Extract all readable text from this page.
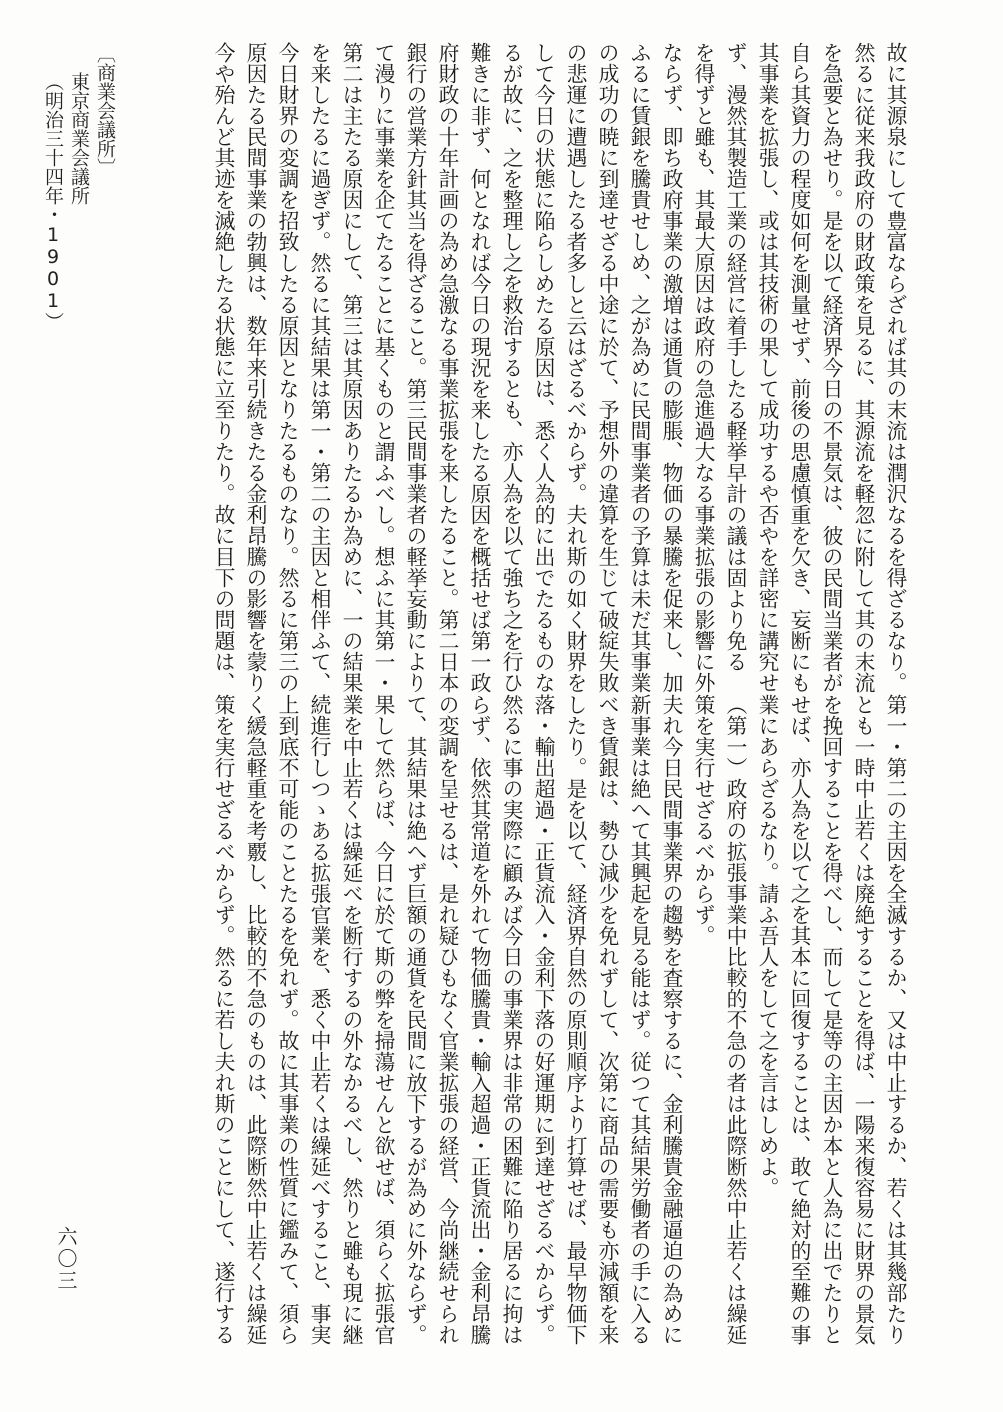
故に其源泉にして豊富ならざれば其の末流は潤沢なるを得ざるなり。
然るに従来我政府の財政策を見るに、其源流を軽忽に附して其の末流
を急要と為せり。是を以て経済界今日の不景気は、彼の民間当業者が
自ら其資力の程度如何を測量せず、前後の思慮慎重を欠き、妄断にも
其事業を拡張し、或は其技術の果して成功するや否やを詳密に講究せ
ず、漫然其製造工業の経営に着手したる軽挙早計の議は固より免る
を得ずと雖も、其最大原因は政府の急進過大なる事業拡張の影響に外
ならず、即ち政府事業の激増は通貨の膨脹、物価の暴騰を促来し、加
ふるに賃銀を騰貴せしめ、之が為めに民間事業者の予算は未だ其事業
の成功の暁に到達せざる中途に於て、予想外の違算を生じて破綻失敗
の悲運に遭遇したる者多しと云はざるべからず。夫れ斯の如く財界を
して今日の状態に陥らしめたる原因は、悉く人為的に出でたるものな
るが故に、之を整理し之を救治するとも、亦人為を以て強ち之を行ひ
難きに非ず、何となれば今日の現況を来したる原因を概括せば第一政
府財政の十年計画の為め急激なる事業拡張を来したること。第二日本
銀行の営業方針其当を得ざること。第三民間事業者の軽挙妄動により
て漫りに事業を企てたることに基くものと謂ふべし。想ふに其第一・
第二は主たる原因にして、第三は其原因ありたるか為めに、一の結果
を来したるに過ぎず。然るに其結果は第一・第二の主因と相伴ふて、
今日財界の変調を招致したる原因となりたるものなり。然るに第三の
原因たる民間事業の勃興は、数年来引続きたる金利昂騰の影響を蒙り
今や殆んど其迹を滅絶したる状態に立至りたり。故に目下の問題は、
第一・第二の主因を全滅するか、又は中止するか、若くは其幾部たり
とも一時中止若くは廃絶することを得ば、一陽来復容易に財界の景気
を挽回することを得べし、而して是等の主因か本と人為に出でたりと
せば、亦人為を以て之を其本に回復することは、敢て絶対的至難の事
業にあらざるなり。請ふ吾人をして之を言はしめよ。
（第一）政府の拡張事業中比較的不急の者は此際断然中止若くは繰延
策を実行せざるべからず。
夫れ今日民間事業界の趨勢を査察するに、金利騰貴金融逼迫の為めに
新事業は絶へて其興起を見る能はず。従つて其結果労働者の手に入る
べき賃銀は、勢ひ減少を免れずして、次第に商品の需要も亦減額を来
したり。是を以て、経済界自然の原則順序より打算せば、最早物価下
落・輸出超過・正貨流入・金利下落の好運期に到達せざるべからず。
然るに事の実際に顧みば今日の事業界は非常の困難に陥り居るに拘は
らず、依然其常道を外れて物価騰貴・輸入超過・正貨流出・金利昂騰
の変調を呈せるは、是れ疑ひもなく官業拡張の経営、今尚継続せられ
て、其結果は絶へず巨額の通貨を民間に放下するが為めに外ならず。
果して然らば、今日に於て斯の弊を掃蕩せんと欲せば、須らく拡張官
業を中止若くは繰延べを断行するの外なかるべし、然りと雖も現に継
続進行しつゝある拡張官業を、悉く中止若くは繰延べすること、事実
上到底不可能のことたるを免れず。故に其事業の性質に鑑みて、須ら
く緩急軽重を考覈し、比較的不急のものは、此際断然中止若くは繰延
策を実行せざるべからず。然るに若し夫れ斯のことにして、遂行する
〔商業会議所〕
東京商業会議所
（明治三十四年・1901）
六〇三
